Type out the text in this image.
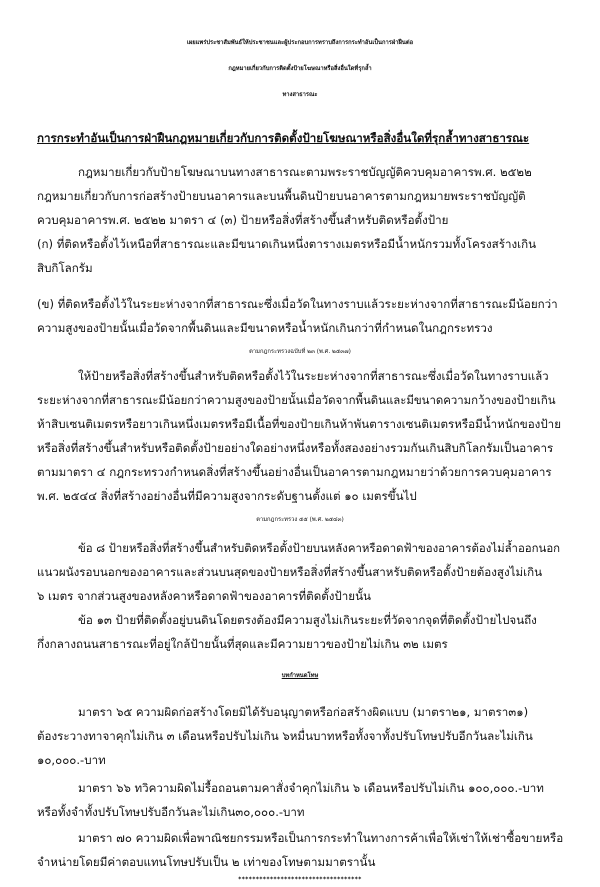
เผยแพร่ประชาสัมพันธ์ให้ประชาชนและผู้ประกอบการทราบถึงการกระทำอันเป็นการฝ่าฝืนต่อ
กฎหมายเกี่ยวกับการติดตั้งป้ายโฆษณาหรือสิ่งอื่นใดที่รุกล้ำ
ทางสาธารณะ
การกระทำอันเป็นการฝ่าฝืนกฎหมายเกี่ยวกับการติดตั้งป้ายโฆษณาหรือสิ่งอื่นใดที่รุกล้ำทางสาธารณะ
กฎหมายเกี่ยวกับป้ายโฆษณาบนทางสาธารณะตามพระราชบัญญัติควบคุมอาคารพ.ศ. ๒๕๒๒
กฎหมายเกี่ยวกับการก่อสร้างป้ายบนอาคารและบนพื้นดินป้ายบนอาคารตามกฎหมายพระราชบัญญัติ
ควบคุมอาคารพ.ศ. ๒๕๒๒ มาตรา ๔ (๓) ป้ายหรือสิ่งที่สร้างขึ้นสำหรับติดหรือตั้งป้าย
(ก) ที่ติดหรือตั้งไว้เหนือที่สาธารณะและมีขนาดเกินหนึ่งตารางเมตรหรือมีน้ำหนักรวมทั้งโครงสร้างเกิน
สิบกิโลกรัม
(ข) ที่ติดหรือตั้งไว้ในระยะห่างจากที่สาธารณะซึ่งเมื่อวัดในทางราบแล้วระยะห่างจากที่สาธารณะมีน้อยกว่า
ความสูงของป้ายนั้นเมื่อวัดจากพื้นดินและมีขนาดหรือน้ำหนักเกินกว่าที่กำหนดในกฎกระทรวง
ตามกฎกระทรวงฉบับที่ ๒๓ (พ.ศ. ๒๕๓๗)
ให้ป้ายหรือสิ่งที่สร้างขึ้นสำหรับติดหรือตั้งไว้ในระยะห่างจากที่สาธารณะซึ่งเมื่อวัดในทางราบแล้ว
ระยะห่างจากที่สาธารณะมีน้อยกว่าความสูงของป้ายนั้นเมื่อวัดจากพื้นดินและมีขนาดความกว้างของป้ายเกิน
ห้าสิบเซนติเมตรหรือยาวเกินหนึ่งเมตรหรือมีเนื้อที่ของป้ายเกินห้าพันตารางเซนติเมตรหรือมีน้ำหนักของป้าย
หรือสิ่งที่สร้างขึ้นสำหรับหรือติดตั้งป้ายอย่างใดอย่างหนึ่งหรือทั้งสองอย่างรวมกันเกินสิบกิโลกรัมเป็นอาคาร
ตามมาตรา ๔ กฎกระทรวงกำหนดสิ่งที่สร้างขึ้นอย่างอื่นเป็นอาคารตามกฎหมายว่าด้วยการควบคุมอาคาร
พ.ศ. ๒๕๔๔ สิ่งที่สร้างอย่างอื่นที่มีความสูงจากระดับฐานตั้งแต่ ๑๐ เมตรขึ้นไป
ตามกฎกระทรวง ๕๕ (พ.ศ. ๒๕๔๓)
ข้อ ๘ ป้ายหรือสิ่งที่สร้างขึ้นสำหรับติดหรือตั้งป้ายบนหลังคาหรือดาดฟ้าของอาคารต้องไม่ล้ำออกนอก
แนวผนังรอบนอกของอาคารและส่วนบนสุดของป้ายหรือสิ่งที่สร้างขึ้นสาหรับติดหรือตั้งป้ายต้องสูงไม่เกิน
๖ เมตร จากส่วนสูงของหลังคาหรือดาดฟ้าของอาคารที่ติดตั้งป้ายนั้น
ข้อ ๑๓ ป้ายที่ติดตั้งอยู่บนดินโดยตรงต้องมีความสูงไม่เกินระยะที่วัดจากจุดที่ติดตั้งป้ายไปจนถึง
กึ่งกลางถนนสาธารณะที่อยู่ใกล้ป้ายนั้นที่สุดและมีความยาวของป้ายไม่เกิน ๓๒ เมตร
บทกำหนดโทษ
มาตรา ๖๕ ความผิดก่อสร้างโดยมิได้รับอนุญาตหรือก่อสร้างผิดแบบ (มาตรา๒๑, มาตรา๓๑)
ต้องระวางทาจาคุกไม่เกิน ๓ เดือนหรือปรับไม่เกิน ๖หมื่นบาทหรือทั้งจาทั้งปรับโทษปรับอีกวันละไม่เกิน
๑๐,๐๐๐.-บาท
มาตรา ๖๖ ทวิความผิดไม่รื้อถอนตามคาสั่งจำคุกไม่เกิน ๖ เดือนหรือปรับไม่เกิน ๑๐๐,๐๐๐.-บาท
หรือทั้งจำทั้งปรับโทษปรับอีกวันละไม่เกิน๓๐,๐๐๐.-บาท
มาตรา ๗๐ ความผิดเพื่อพาณิชยกรรมหรือเป็นการกระทำในทางการค้าเพื่อให้เช่าให้เช่าซื้อขายหรือ
จำหน่ายโดยมีค่าตอบแทนโทษปรับเป็น ๒ เท่าของโทษตามมาตรานั้น
***********************************
